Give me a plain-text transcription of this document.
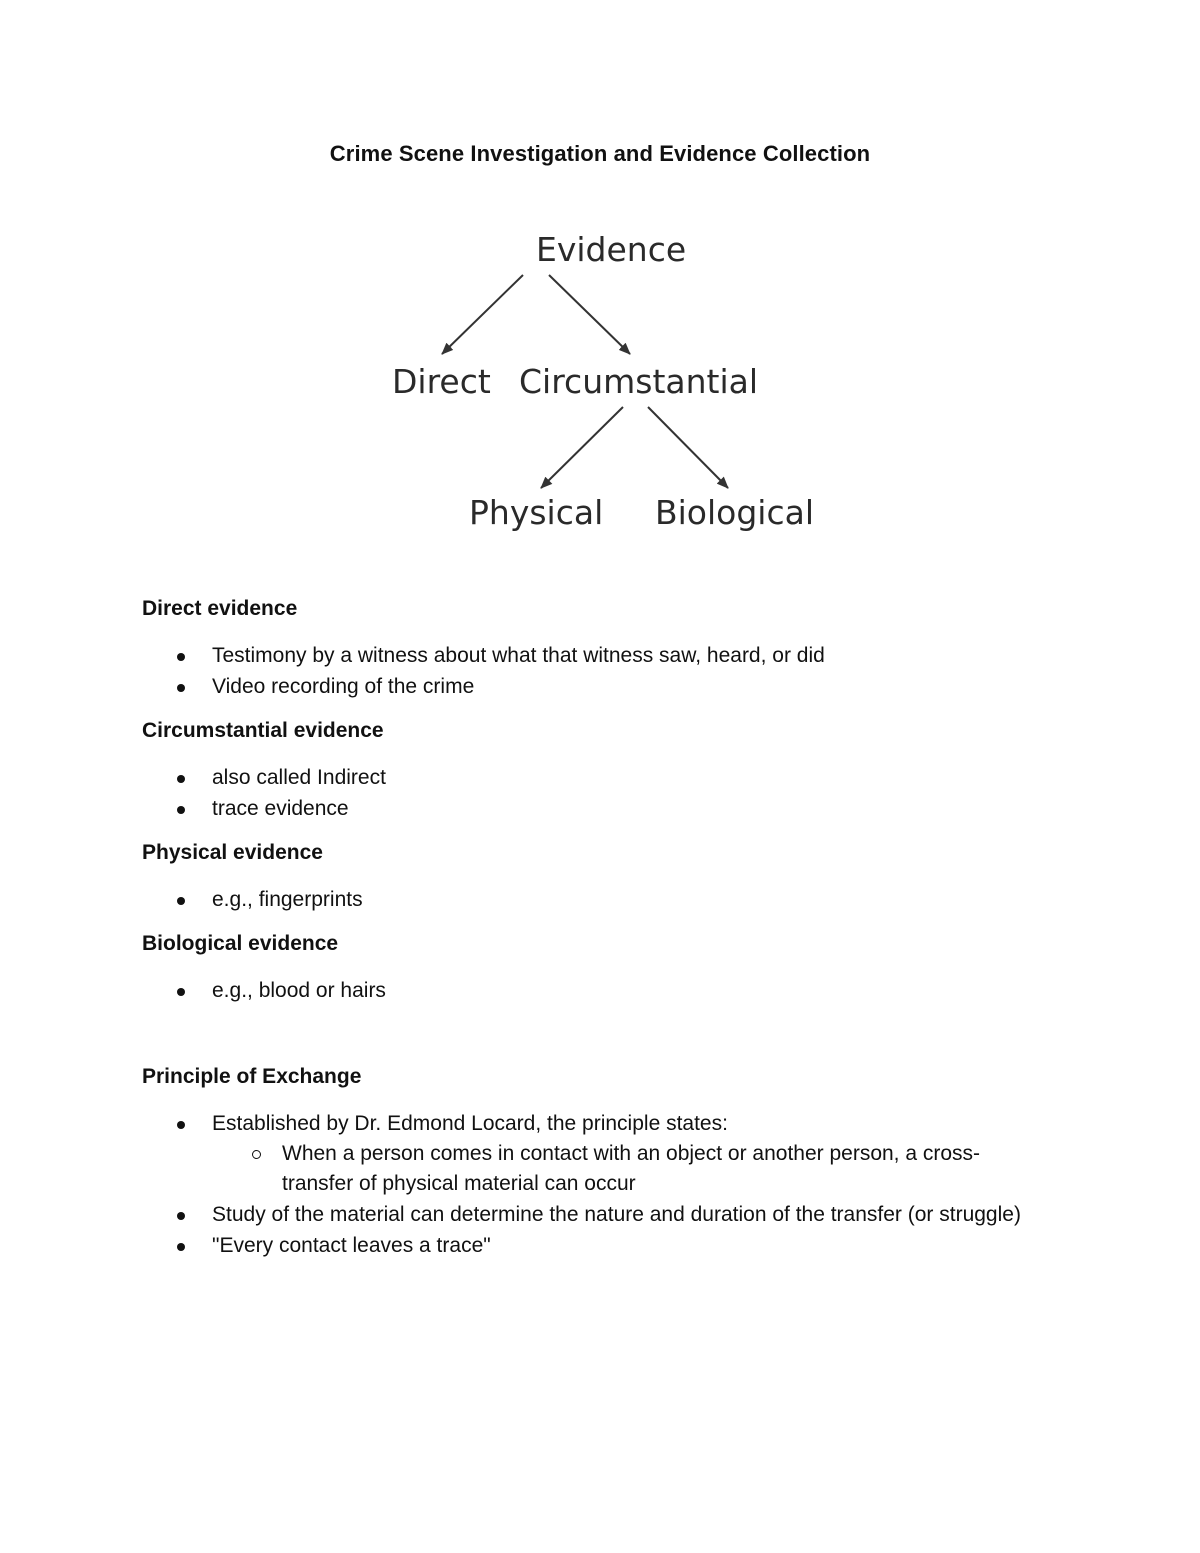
Crime Scene Investigation and Evidence Collection
Evidence
Direct Circumstantial
Physical Biological

Direct evidence

Testimony by a witness about what that witness saw, heard, or did
Video recording of the crime

Circumstantial evidence

also called Indirect
trace evidence

Physical evidence

e.g., fingerprints

Biological evidence

e.g., blood or hairs

Principle of Exchange

Established by Dr. Edmond Locard, the principle states:
When a person comes in contact with an object or another person, a cross-transfer of physical material can occur
Study of the material can determine the nature and duration of the transfer (or struggle)
"Every contact leaves a trace"
